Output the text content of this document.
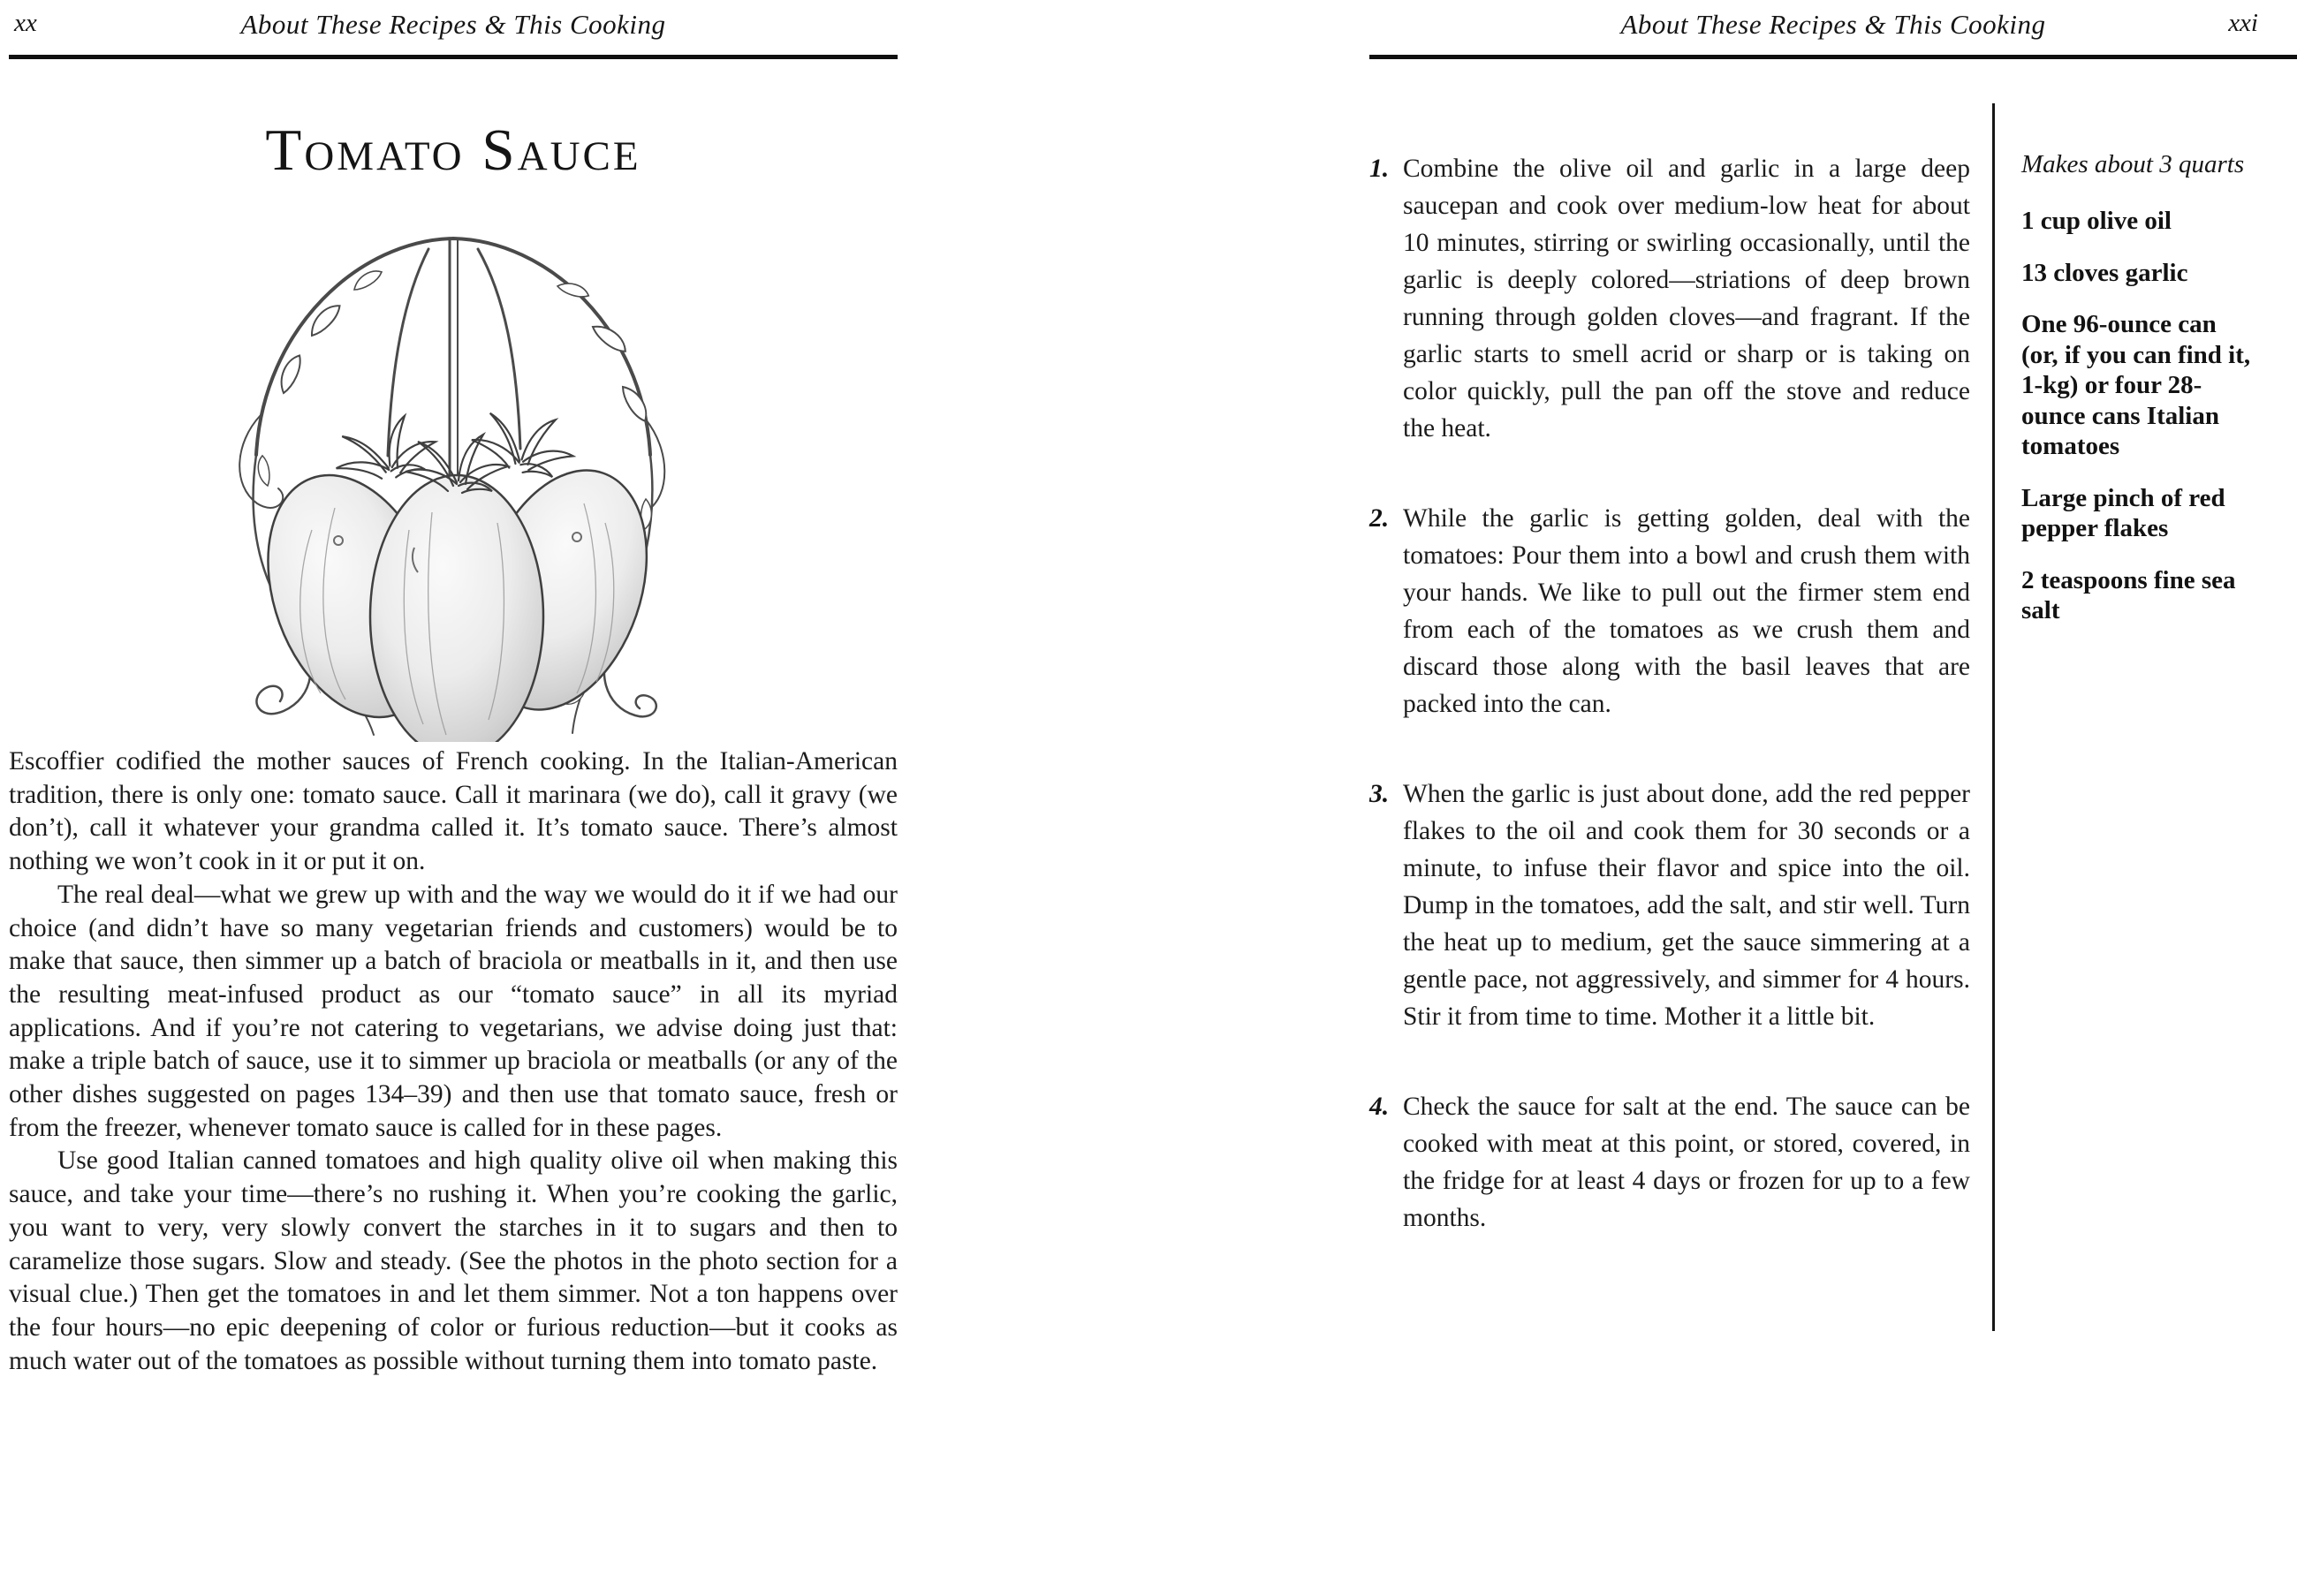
xx	About These Recipes & This Cooking
Tomato Sauce

Escoffier codified the mother sauces of French cooking. In the Italian-American tradition, there is only one: tomato sauce. Call it marinara (we do), call it gravy (we don’t), call it whatever your grandma called it. It’s tomato sauce. There’s almost nothing we won’t cook in it or put it on.

The real deal—what we grew up with and the way we would do it if we had our choice (and didn’t have so many vegetarian friends and customers) would be to make that sauce, then simmer up a batch of braciola or meatballs in it, and then use the resulting meat-infused product as our “tomato sauce” in all its myriad applications. And if you’re not catering to vegetarians, we advise doing just that: make a triple batch of sauce, use it to simmer up braciola or meatballs (or any of the other dishes suggested on pages 134–39) and then use that tomato sauce, fresh or from the freezer, whenever tomato sauce is called for in these pages.

Use good Italian canned tomatoes and high quality olive oil when making this sauce, and take your time—there’s no rushing it. When you’re cooking the garlic, you want to very, very slowly convert the starches in it to sugars and then to caramelize those sugars. Slow and steady. (See the photos in the photo section for a visual clue.) Then get the tomatoes in and let them simmer. Not a ton happens over the four hours—no epic deepening of color or furious reduction—but it cooks as much water out of the tomatoes as possible without turning them into tomato paste.

About These Recipes & This Cooking	xxi
1. Combine the olive oil and garlic in a large deep saucepan and cook over medium-low heat for about 10 minutes, stirring or swirling occasionally, until the garlic is deeply colored—striations of deep brown running through golden cloves—and fragrant. If the garlic starts to smell acrid or sharp or is taking on color quickly, pull the pan off the stove and reduce the heat.

2. While the garlic is getting golden, deal with the tomatoes: Pour them into a bowl and crush them with your hands. We like to pull out the firmer stem end from each of the tomatoes as we crush them and discard those along with the basil leaves that are packed into the can.

3. When the garlic is just about done, add the red pepper flakes to the oil and cook them for 30 seconds or a minute, to infuse their flavor and spice into the oil. Dump in the tomatoes, add the salt, and stir well. Turn the heat up to medium, get the sauce simmering at a gentle pace, not aggressively, and simmer for 4 hours. Stir it from time to time. Mother it a little bit.

4. Check the sauce for salt at the end. The sauce can be cooked with meat at this point, or stored, covered, in the fridge for at least 4 days or frozen for up to a few months.

Makes about 3 quarts

1 cup olive oil

13 cloves garlic

One 96-ounce can (or, if you can find it, 1-kg) or four 28-ounce cans Italian tomatoes

Large pinch of red pepper flakes

2 teaspoons fine sea salt
